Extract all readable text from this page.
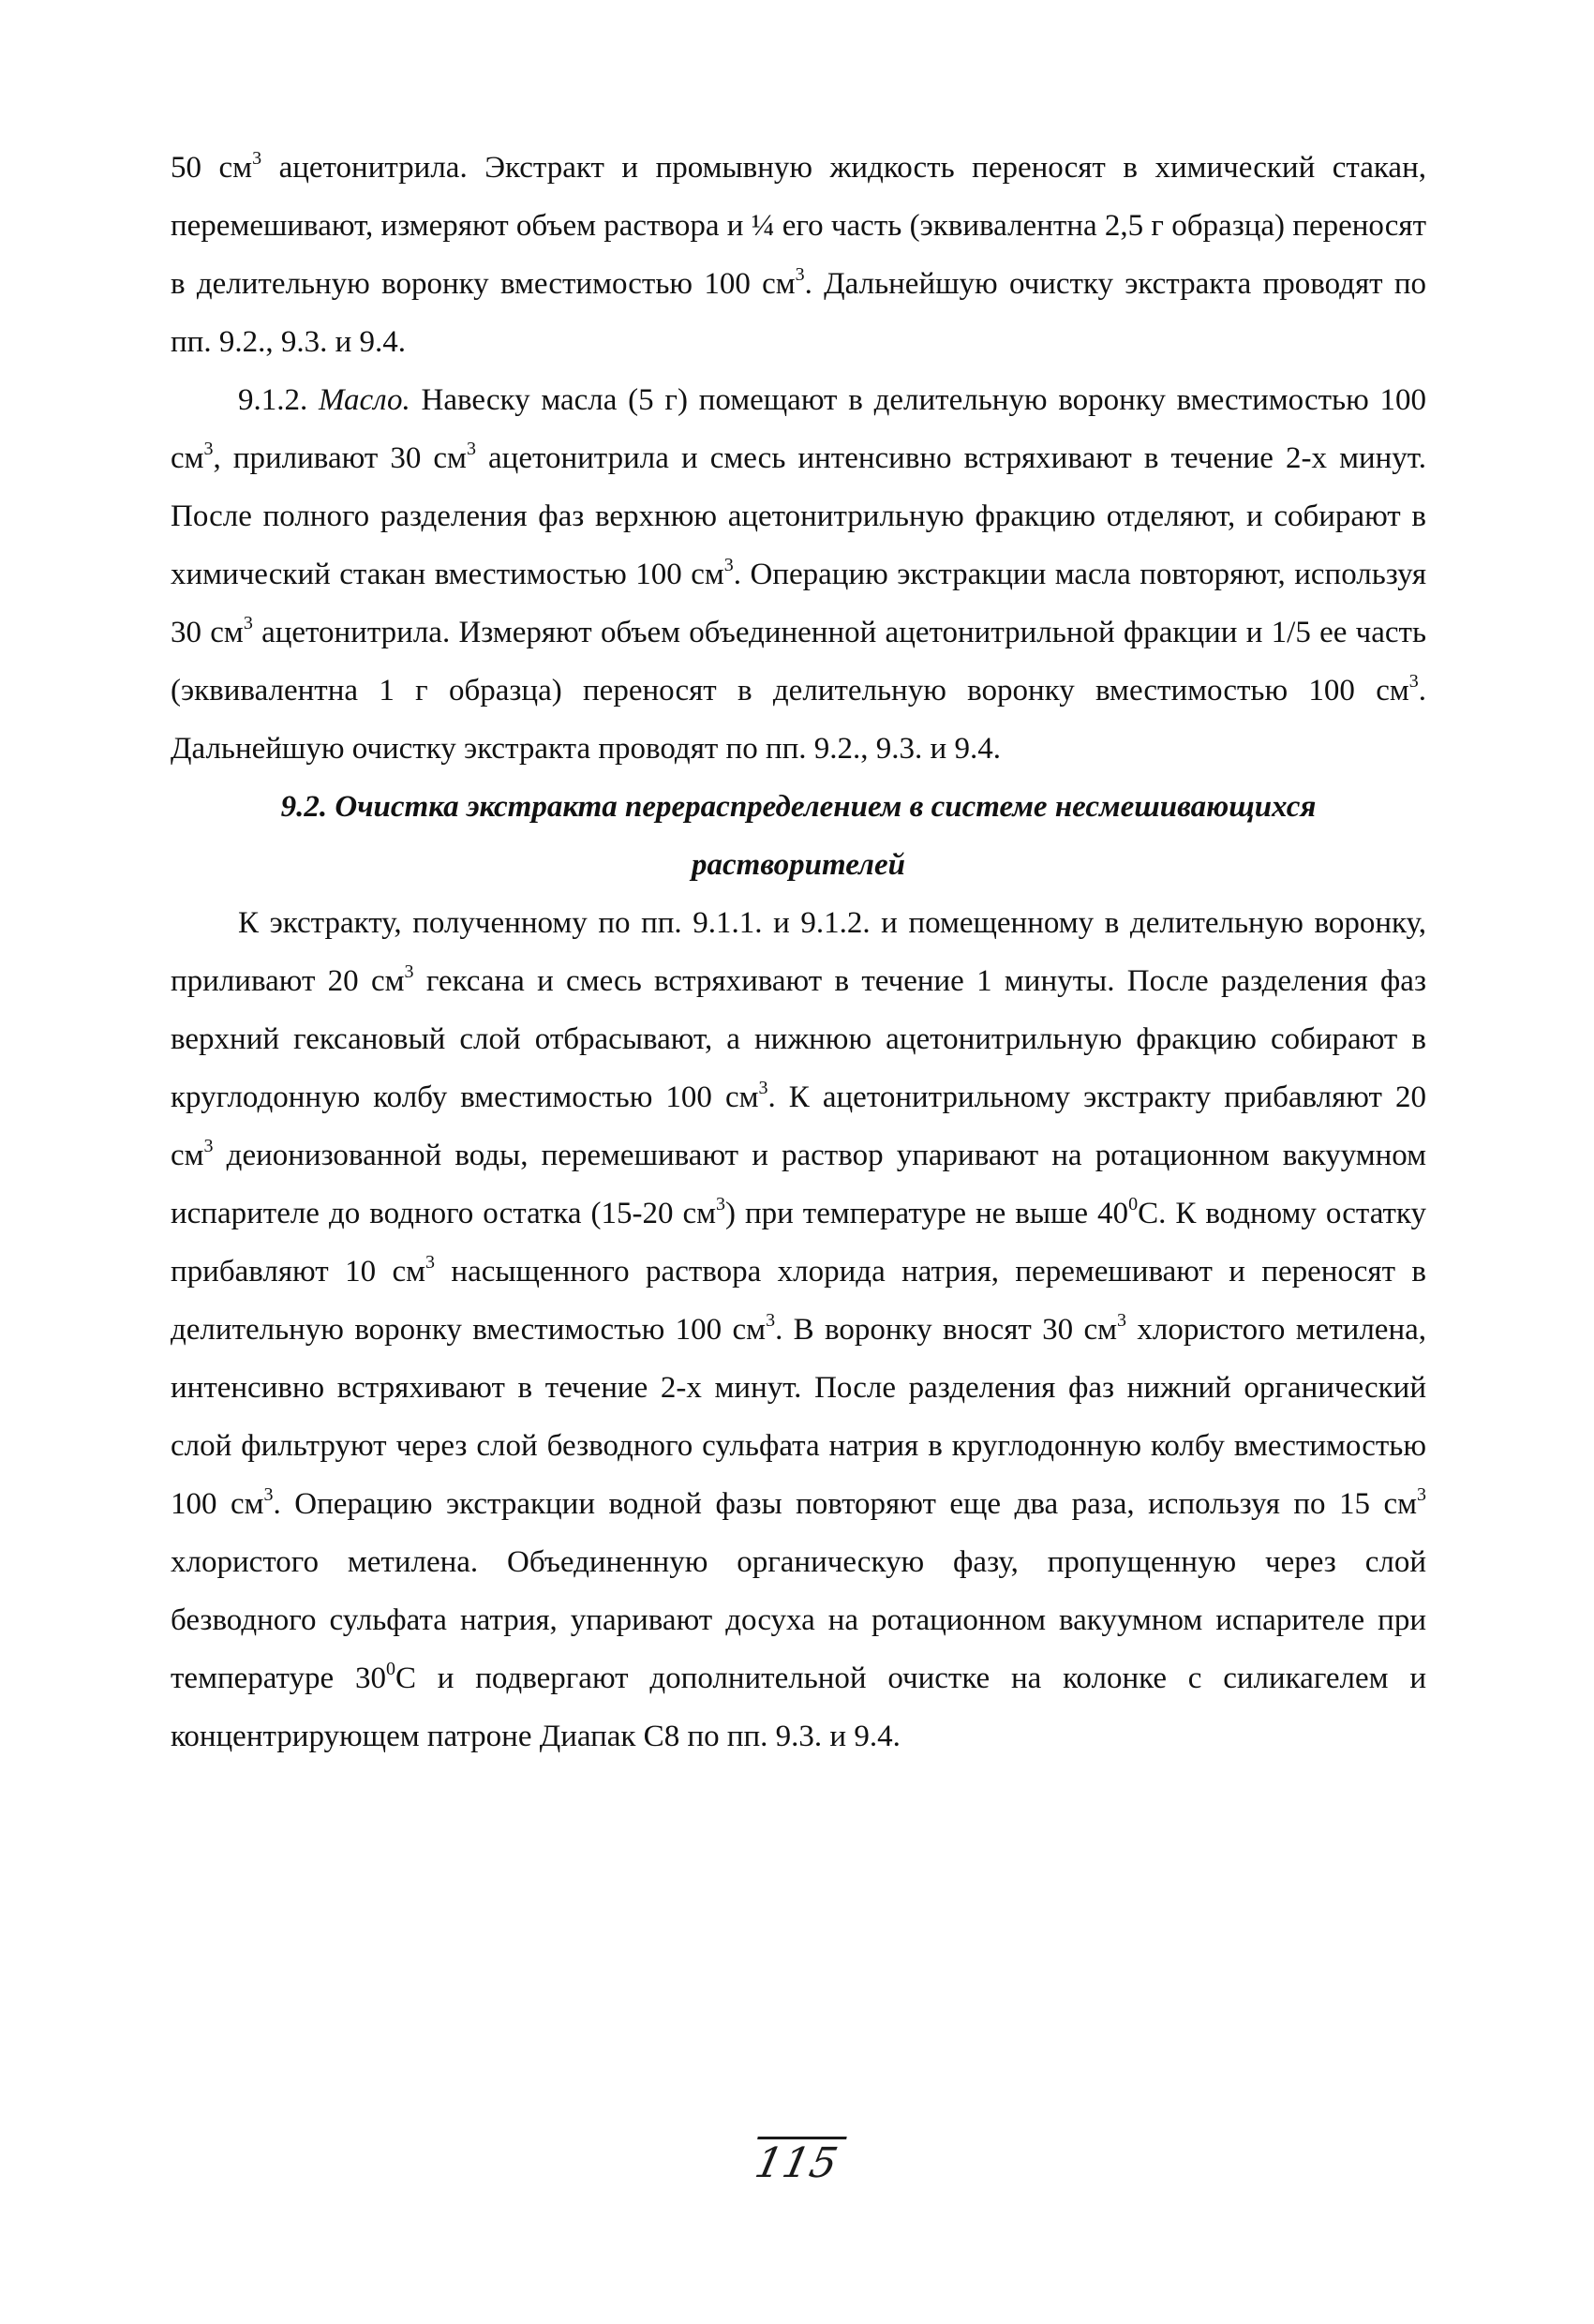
50 $см^3$ ацетонитрила. Экстракт и промывную жидкость переносят в химический стакан, перемешивают, измеряют объем раствора и ¼ его часть (эквивалентна 2,5 г образца) переносят в делительную воронку вместимостью 100 $см^3$. Дальнейшую очистку экстракта проводят по пп. 9.2., 9.3. и 9.4.

9.1.2. Масло. Навеску масла (5 г) помещают в делительную воронку вместимостью 100 $см^3$, приливают 30 $см^3$ ацетонитрила и смесь интенсивно встряхивают в течение 2-х минут. После полного разделения фаз верхнюю ацетонитрильную фракцию отделяют, и собирают в химический стакан вместимостью 100 $см^3$. Операцию экстракции масла повторяют, используя 30 $см^3$ ацетонитрила. Измеряют объем объединенной ацетонитрильной фракции и 1/5 ее часть (эквивалентна 1 г образца) переносят в делительную воронку вместимостью 100 $см^3$. Дальнейшую очистку экстракта проводят по пп. 9.2., 9.3. и 9.4.

9.2. Очистка экстракта перераспределением в системе несмешивающихся
растворителей

К экстракту, полученному по пп. 9.1.1. и 9.1.2. и помещенному в делительную воронку, приливают 20 $см^3$ гексана и смесь встряхивают в течение 1 минуты. После разделения фаз верхний гексановый слой отбрасывают, а нижнюю ацетонитрильную фракцию собирают в круглодонную колбу вместимостью 100 $см^3$. К ацетонитрильному экстракту прибавляют 20 $см^3$ деионизованной воды, перемешивают и раствор упаривают на ротационном вакуумном испарителе до водного остатка (15-20 $см^3$) при температуре не выше $40^0С$. К водному остатку прибавляют 10 $см^3$ насыщенного раствора хлорида натрия, перемешивают и переносят в делительную воронку вместимостью 100 $см^3$. В воронку вносят 30 $см^3$ хлористого метилена, интенсивно встряхивают в течение 2-х минут. После разделения фаз нижний органический слой фильтруют через слой безводного сульфата натрия в круглодонную колбу вместимостью 100 $см^3$. Операцию экстракции водной фазы повторяют еще два раза, используя по 15 $см^3$ хлористого метилена. Объединенную органическую фазу, пропущенную через слой безводного сульфата натрия, упаривают досуха на ротационном вакуумном испарителе при температуре $30^0С$ и подвергают дополнительной очистке на колонке с силикагелем и концентрирующем патроне Диапак С8 по пп. 9.3. и 9.4.

115
